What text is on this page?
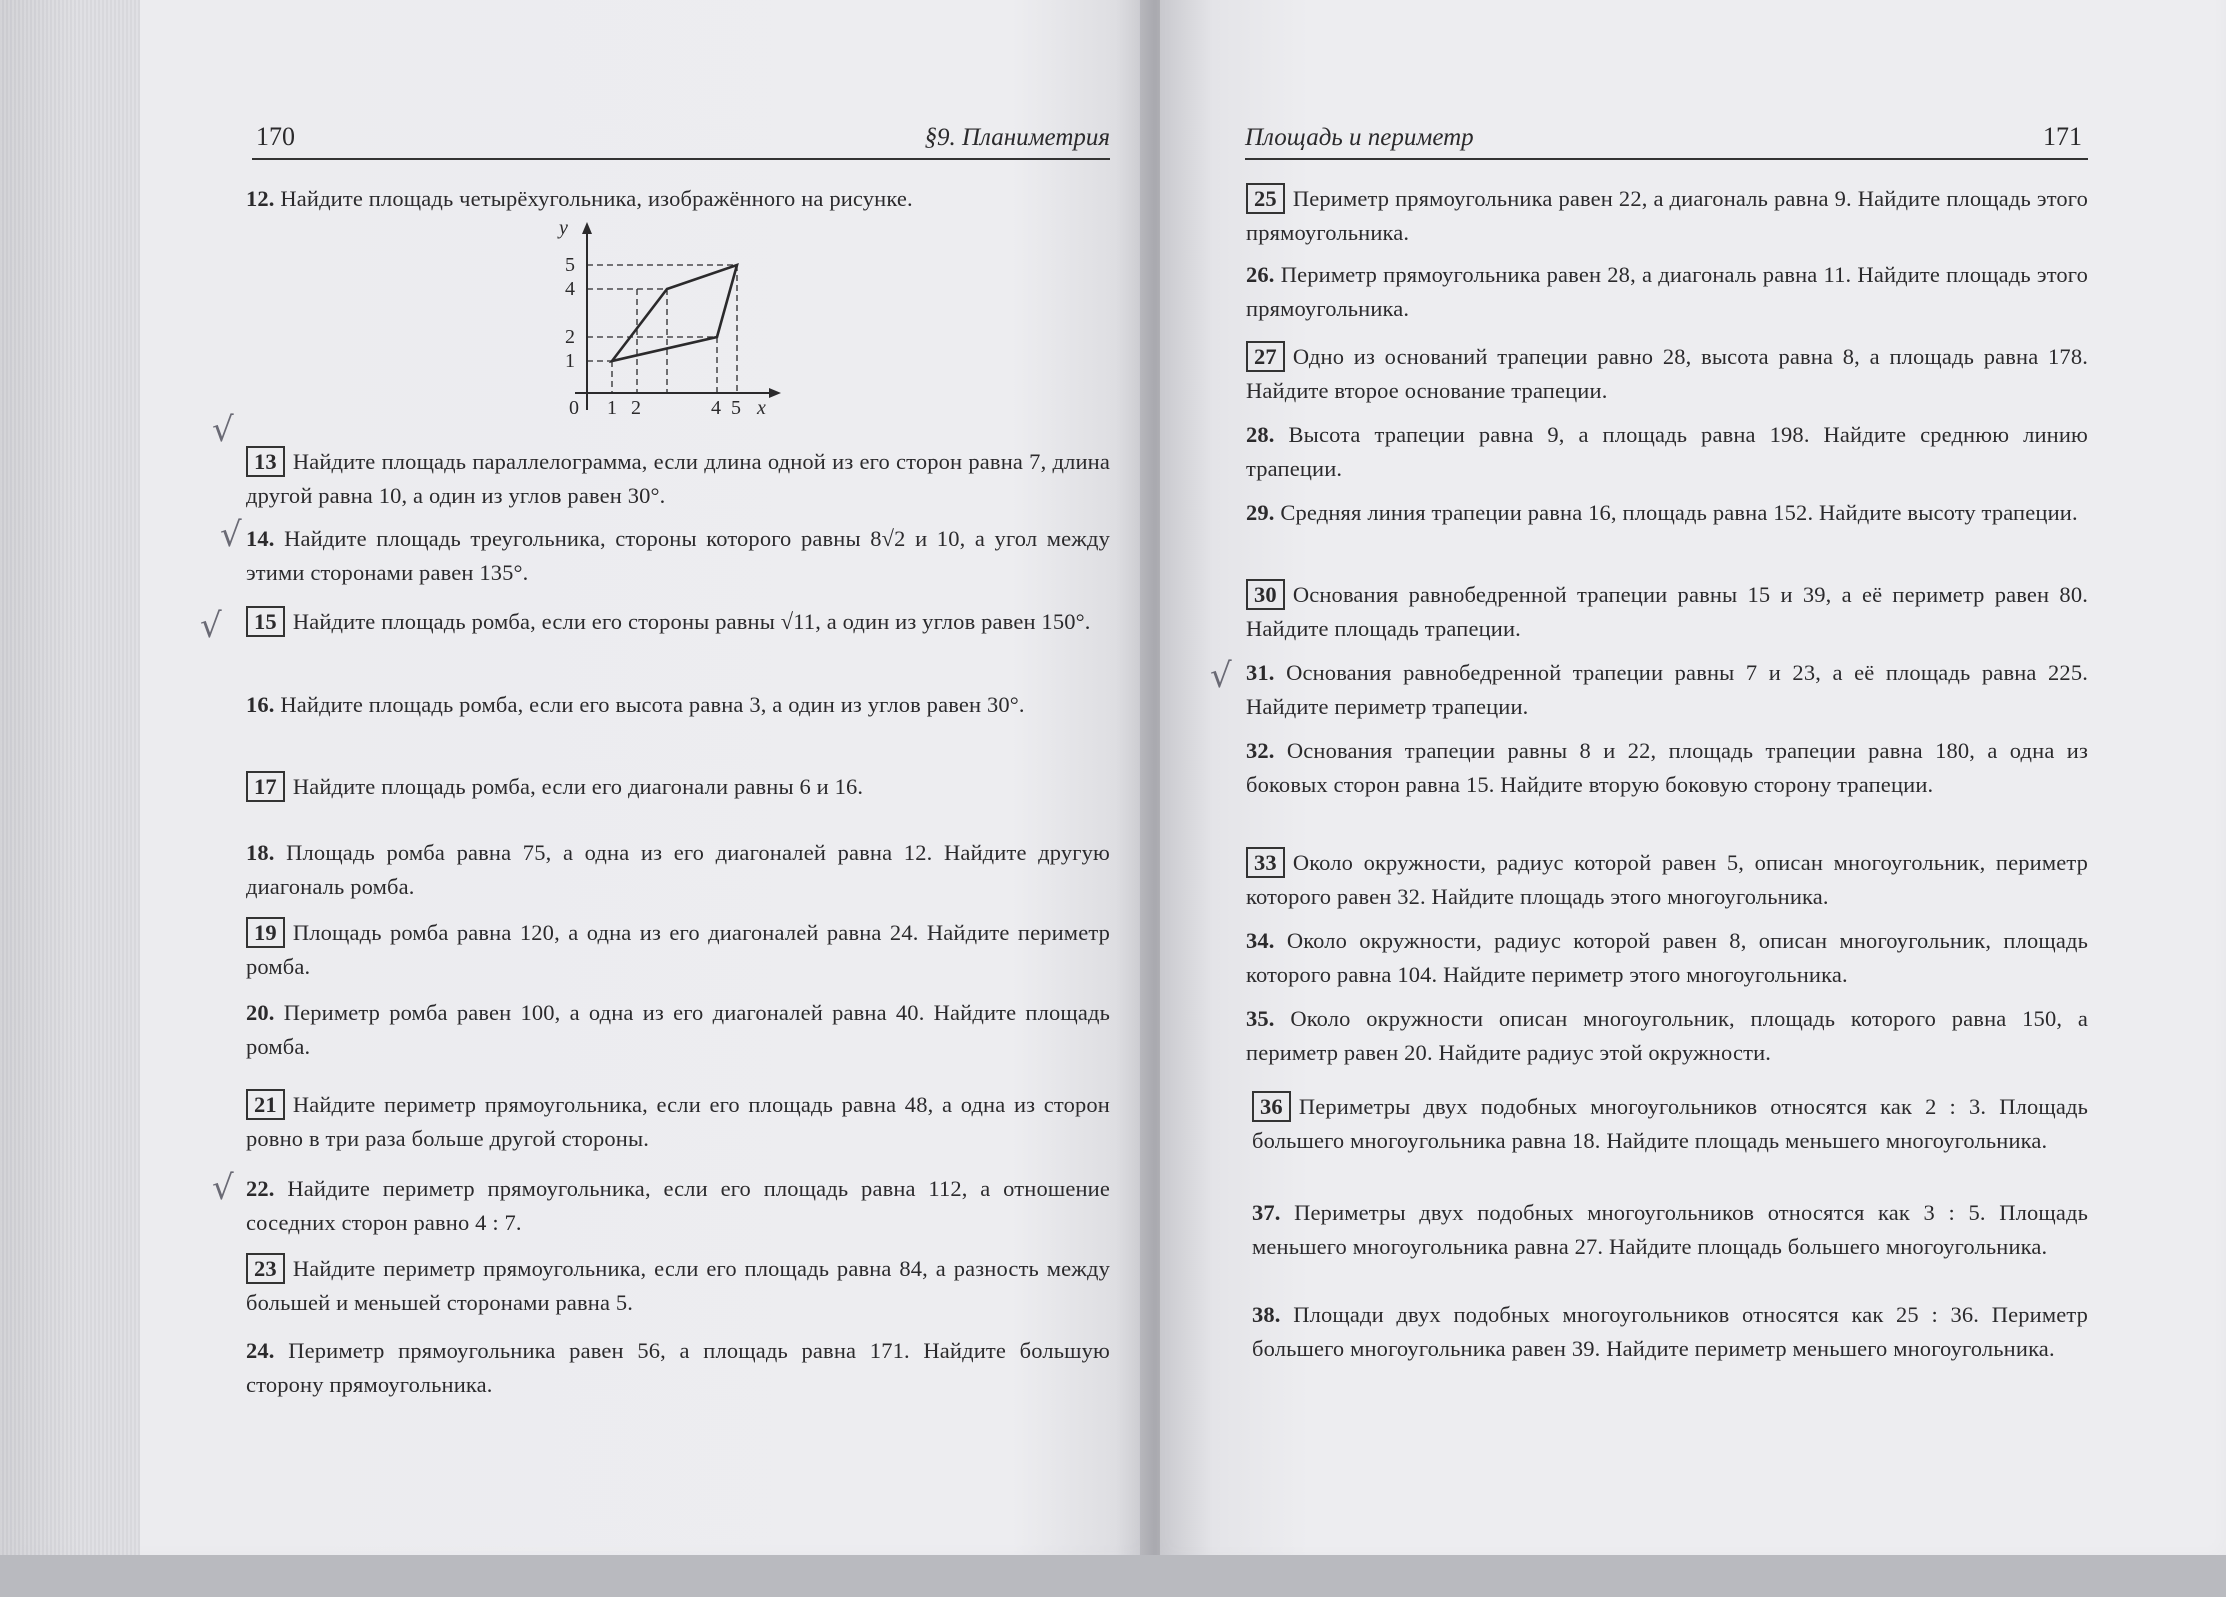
170	§9. Планиметрия	Площадь и периметр	171
y
5
4
2
1
0 1 2	4 5 x
12. Найдите площадь четырёхугольника, изображённого на рисунке.
13 Найдите площадь параллелограмма, если длина одной из его сторон равна 7, длина другой равна 10, а один из углов равен 30°.
14. Найдите площадь треугольника, стороны которого равны 8√2 и 10, а угол между этими сторонами равен 135°.
15 Найдите площадь ромба, если его стороны равны √11, а один из углов равен 150°.
16. Найдите площадь ромба, если его высота равна 3, а один из углов равен 30°.
17 Найдите площадь ромба, если его диагонали равны 6 и 16.
18. Площадь ромба равна 75, а одна из его диагоналей равна 12. Найдите другую диагональ ромба.
19 Площадь ромба равна 120, а одна из его диагоналей равна 24. Найдите периметр ромба.
20. Периметр ромба равен 100, а одна из его диагоналей равна 40. Найдите площадь ромба.
21 Найдите периметр прямоугольника, если его площадь равна 48, а одна из сторон ровно в три раза больше другой стороны.
22. Найдите периметр прямоугольника, если его площадь равна 112, а отношение соседних сторон равно 4 : 7.
23 Найдите периметр прямоугольника, если его площадь равна 84, а разность между большей и меньшей сторонами равна 5.
24. Периметр прямоугольника равен 56, а площадь равна 171. Найдите большую сторону прямоугольника.
√
√
√
√
√
25 Периметр прямоугольника равен 22, а диагональ равна 9. Найдите площадь этого прямоугольника.
26. Периметр прямоугольника равен 28, а диагональ равна 11. Найдите площадь этого прямоугольника.
27 Одно из оснований трапеции равно 28, высота равна 8, а площадь равна 178. Найдите второе основание трапеции.
28. Высота трапеции равна 9, а площадь равна 198. Найдите среднюю линию трапеции.
29. Средняя линия трапеции равна 16, площадь равна 152. Найдите высоту трапеции.
30 Основания равнобедренной трапеции равны 15 и 39, а её периметр равен 80. Найдите площадь трапеции.
31. Основания равнобедренной трапеции равны 7 и 23, а её площадь равна 225. Найдите периметр трапеции.
32. Основания трапеции равны 8 и 22, площадь трапеции равна 180, а одна из боковых сторон равна 15. Найдите вторую боковую сторону трапеции.
33 Около окружности, радиус которой равен 5, описан многоугольник, периметр которого равен 32. Найдите площадь этого многоугольника.
34. Около окружности, радиус которой равен 8, описан многоугольник, площадь которого равна 104. Найдите периметр этого многоугольника.
35. Около окружности описан многоугольник, площадь которого равна 150, а периметр равен 20. Найдите радиус этой окружности.
36 Периметры двух подобных многоугольников относятся как 2 : 3. Площадь большего многоугольника равна 18. Найдите площадь меньшего многоугольника.
37. Периметры двух подобных многоугольников относятся как 3 : 5. Площадь меньшего многоугольника равна 27. Найдите площадь большего многоугольника.
38. Площади двух подобных многоугольников относятся как 25 : 36. Периметр большего многоугольника равен 39. Найдите периметр меньшего многоугольника.
